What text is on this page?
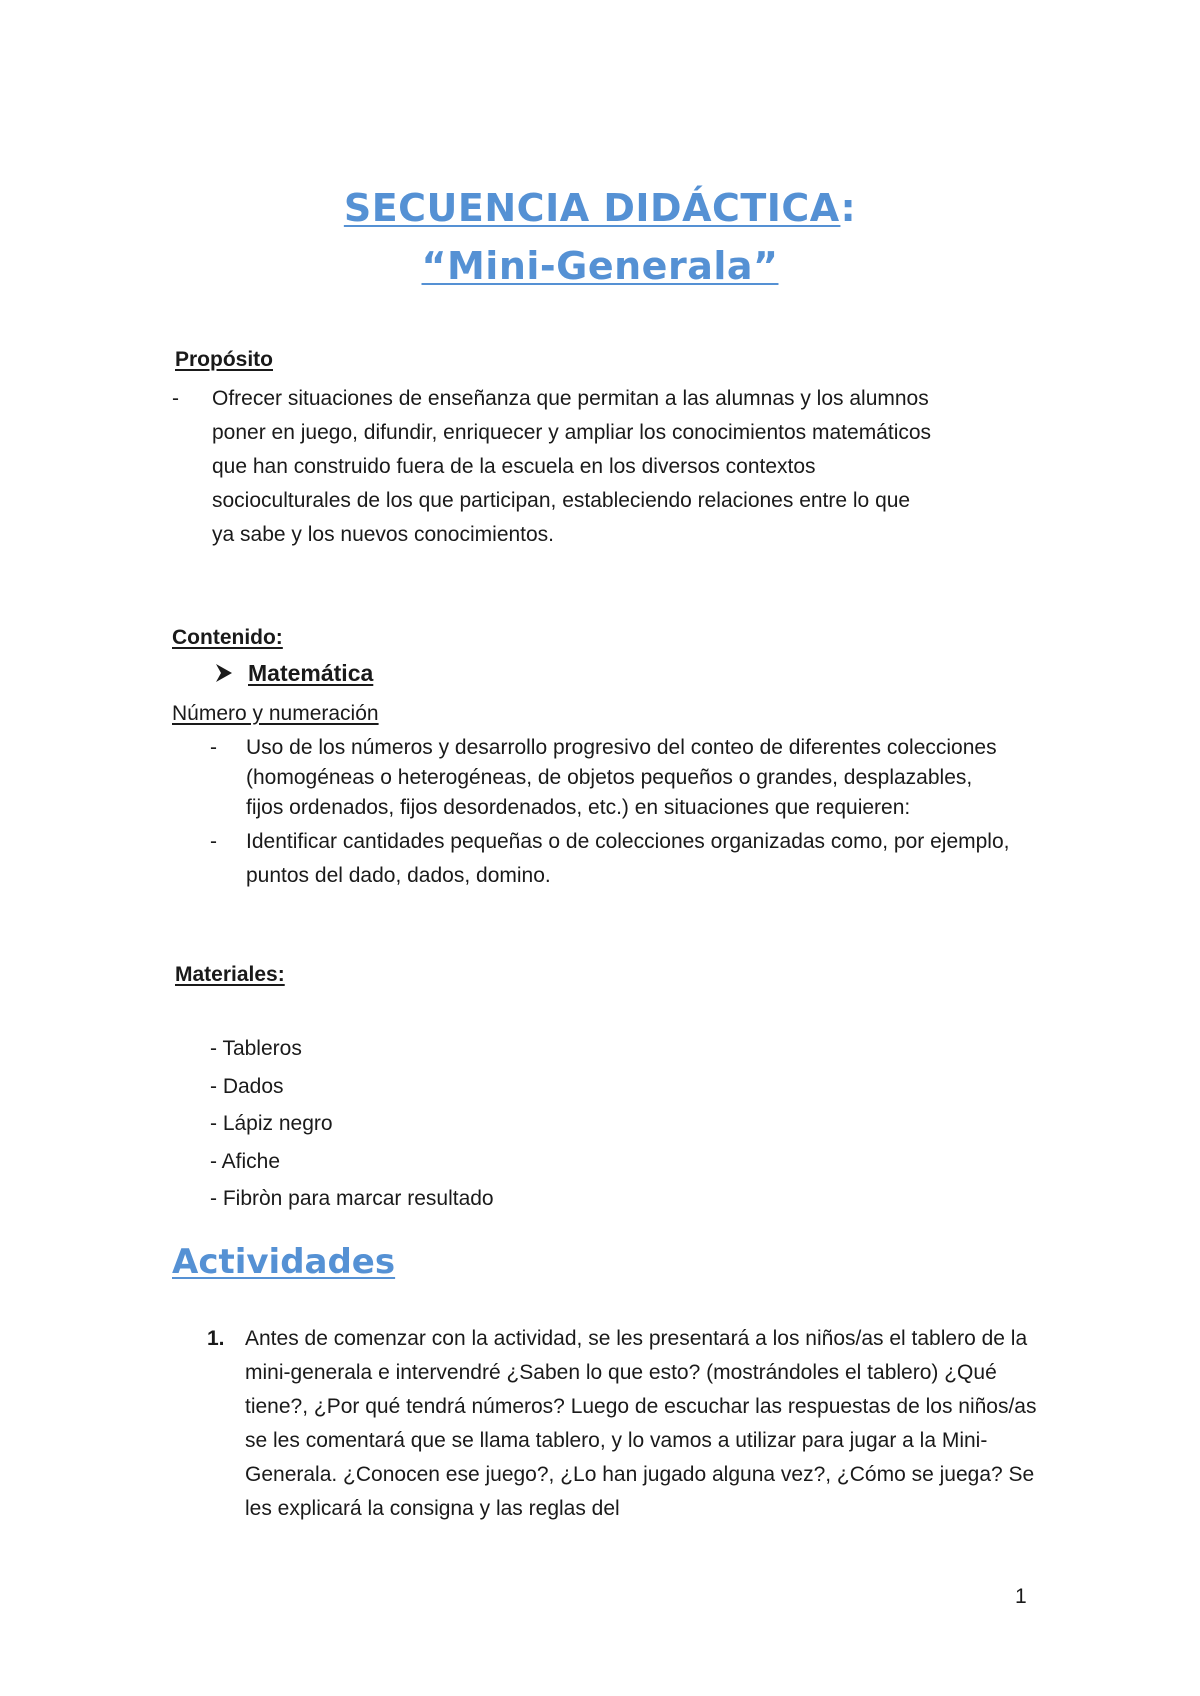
SECUENCIA DIDÁCTICA:
“Mini-Generala”
Propósito
- Ofrecer situaciones de enseñanza que permitan a las alumnas y los alumnos poner en juego, difundir, enriquecer y ampliar los conocimientos matemáticos que han construido fuera de la escuela en los diversos contextos socioculturales de los que participan, estableciendo relaciones entre lo que ya sabe y los nuevos conocimientos.
Contenido:
Matemática
Número y numeración
- Uso de los números y desarrollo progresivo del conteo de diferentes colecciones (homogéneas o heterogéneas, de objetos pequeños o grandes, desplazables, fijos ordenados, fijos desordenados, etc.) en situaciones que requieren:
- Identificar cantidades pequeñas o de colecciones organizadas como, por ejemplo, puntos del dado, dados, domino.
Materiales:
- Tableros
- Dados
- Lápiz negro
- Afiche
- Fibròn para marcar resultado
Actividades
1. Antes de comenzar con la actividad, se les presentará a los niños/as el tablero de la mini-generala e intervendré ¿Saben lo que esto? (mostrándoles el tablero) ¿Qué tiene?, ¿Por qué tendrá números? Luego de escuchar las respuestas de los niños/as se les comentará que se llama tablero, y lo vamos a utilizar para jugar a la Mini-Generala. ¿Conocen ese juego?, ¿Lo han jugado alguna vez?, ¿Cómo se juega? Se les explicará la consigna y las reglas del
1
